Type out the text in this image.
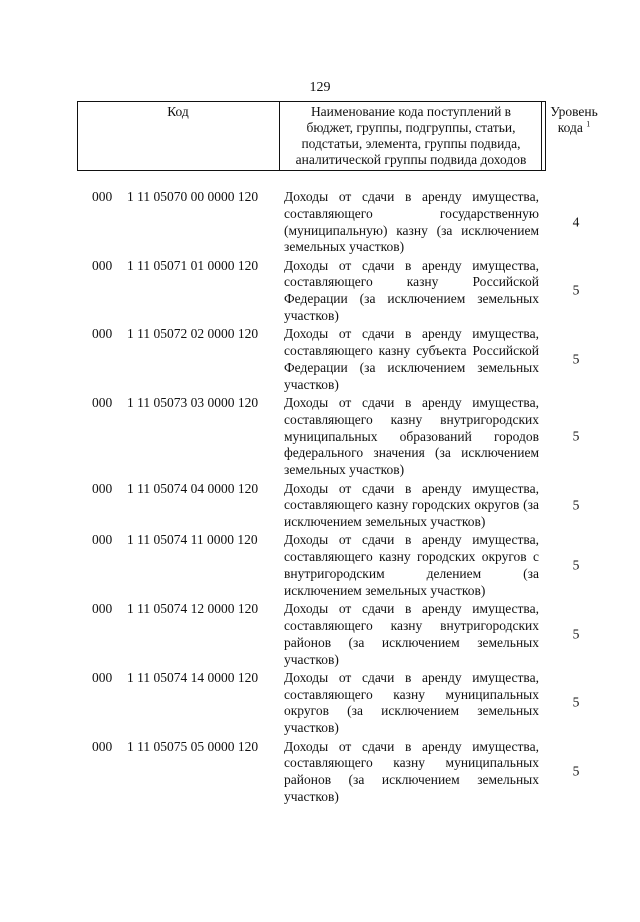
129
Код	Наименование кода поступлений в
бюджет, группы, подгруппы, статьи,
подстатьи, элемента, группы подвида,
аналитической группы подвида доходов
Уровень
кода $^1$
000 1 11 05070 00 0000 120 Доходы от сдачи в аренду имущества, составляющего государственную (муниципальную) казну (за исключением земельных участков)
4
000 1 11 05071 01 0000 120 Доходы от сдачи в аренду имущества, составляющего казну Российской Федерации (за исключением земельных участков)
5
000 1 11 05072 02 0000 120 Доходы от сдачи в аренду имущества, составляющего казну субъекта Российской Федерации (за исключением земельных участков)
5
000 1 11 05073 03 0000 120 Доходы от сдачи в аренду имущества, составляющего казну внутригородских муниципальных образований городов федерального значения (за исключением земельных участков)
5
000 1 11 05074 04 0000 120 Доходы от сдачи в аренду имущества, составляющего казну городских округов (за исключением земельных участков)
5
000 1 11 05074 11 0000 120 Доходы от сдачи в аренду имущества, составляющего казну городских округов с внутригородским делением (за исключением земельных участков)
5
000 1 11 05074 12 0000 120 Доходы от сдачи в аренду имущества, составляющего казну внутригородских районов (за исключением земельных участков)
5
000 1 11 05074 14 0000 120 Доходы от сдачи в аренду имущества, составляющего казну муниципальных округов (за исключением земельных участков)
5
000 1 11 05075 05 0000 120 Доходы от сдачи в аренду имущества, составляющего казну муниципальных районов (за исключением земельных участков)
5
